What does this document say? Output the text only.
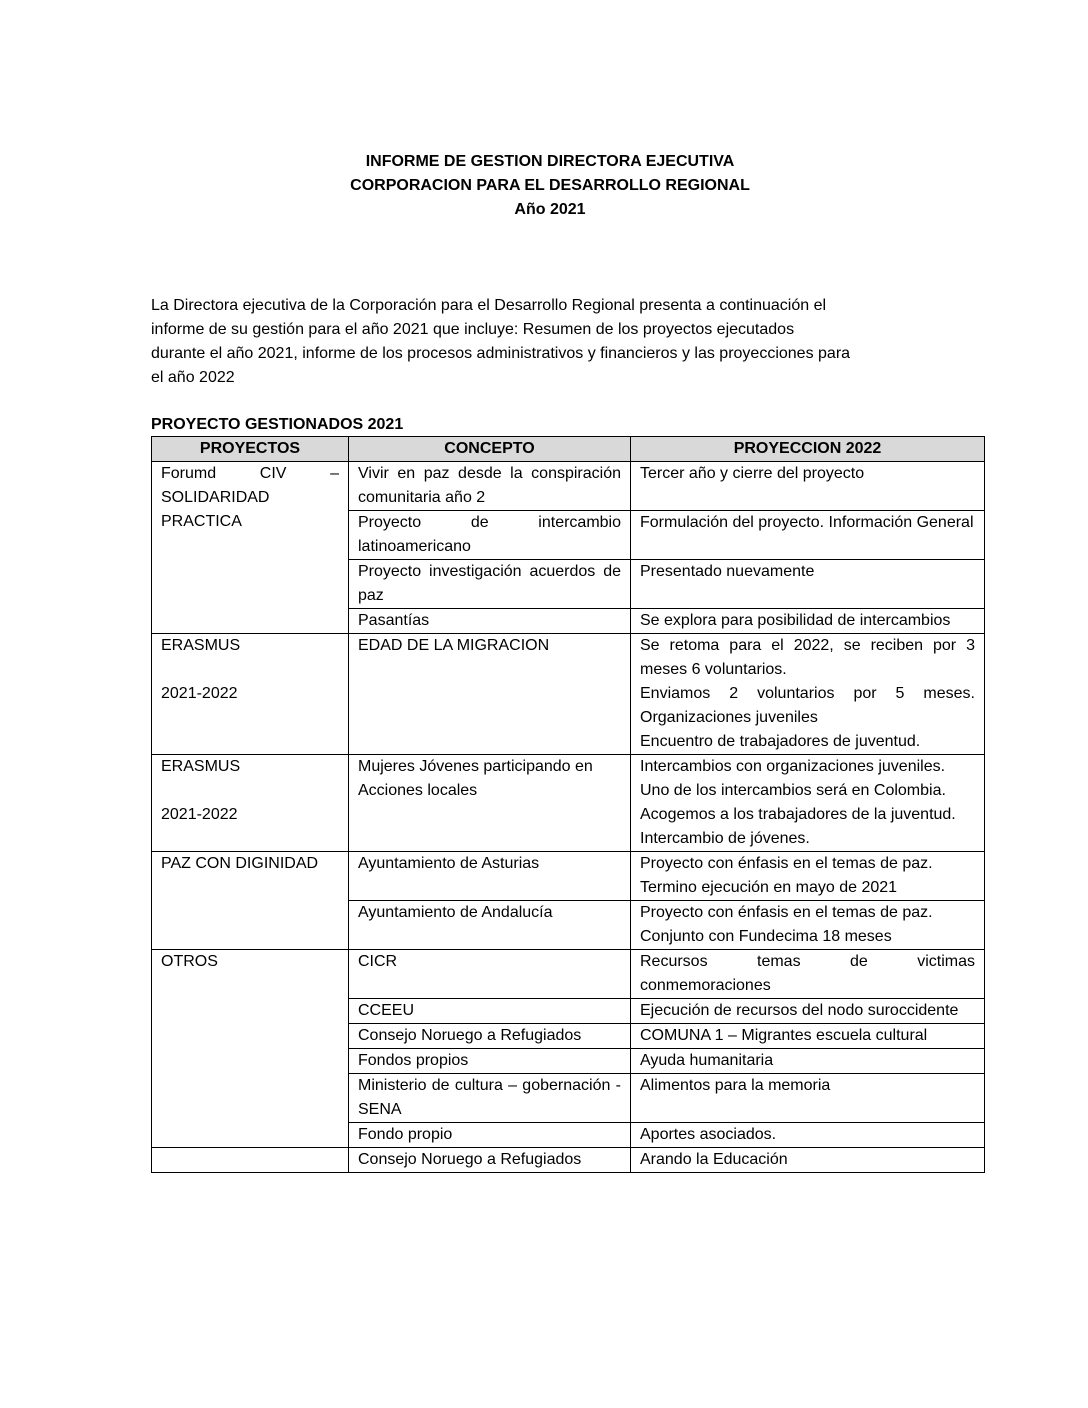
INFORME DE GESTION DIRECTORA EJECUTIVA
CORPORACION PARA EL DESARROLLO REGIONAL
Año 2021
La Directora ejecutiva de la Corporación para el Desarrollo Regional presenta a continuación el
informe de su gestión para el año 2021 que incluye: Resumen de los proyectos ejecutados
durante el año 2021, informe de los procesos administrativos y financieros y las proyecciones para
el año 2022
PROYECTO GESTIONADOS 2021
PROYECTOS	CONCEPTO	PROYECCION 2022

Forumd CIV –
SOLIDARIDAD
PRACTICA	Vivir en paz desde la conspiración comunitaria año 2	Tercer año y cierre del proyecto

	Proyecto de intercambio latinoamericano	Formulación del proyecto. Información General

	Proyecto investigación acuerdos de paz	Presentado nuevamente

	Pasantías	Se explora para posibilidad de intercambios

ERASMUS
2021-2022	EDAD DE LA MIGRACION	Se retoma para el 2022, se reciben por 3 meses 6 voluntarios.
Enviamos 2 voluntarios por 5 meses. Organizaciones juveniles
Encuentro de trabajadores de juventud.

ERASMUS
2021-2022	Mujeres Jóvenes participando en Acciones locales	Intercambios con organizaciones juveniles.
Uno de los intercambios será en Colombia.
Acogemos a los trabajadores de la juventud.
Intercambio de jóvenes.

PAZ CON DIGINIDAD	Ayuntamiento de Asturias	Proyecto con énfasis en el temas de paz.
Termino ejecución en mayo de 2021

	Ayuntamiento de Andalucía	Proyecto con énfasis en el temas de paz.
Conjunto con Fundecima 18 meses

OTROS	CICR	Recursos temas de victimas conmemoraciones

	CCEEU	Ejecución de recursos del nodo suroccidente

	Consejo Noruego a Refugiados	COMUNA 1 – Migrantes escuela cultural

	Fondos propios	Ayuda humanitaria

	Ministerio de cultura – gobernación - SENA	Alimentos para la memoria

	Fondo propio	Aportes asociados.

	Consejo Noruego a Refugiados	Arando la Educación
